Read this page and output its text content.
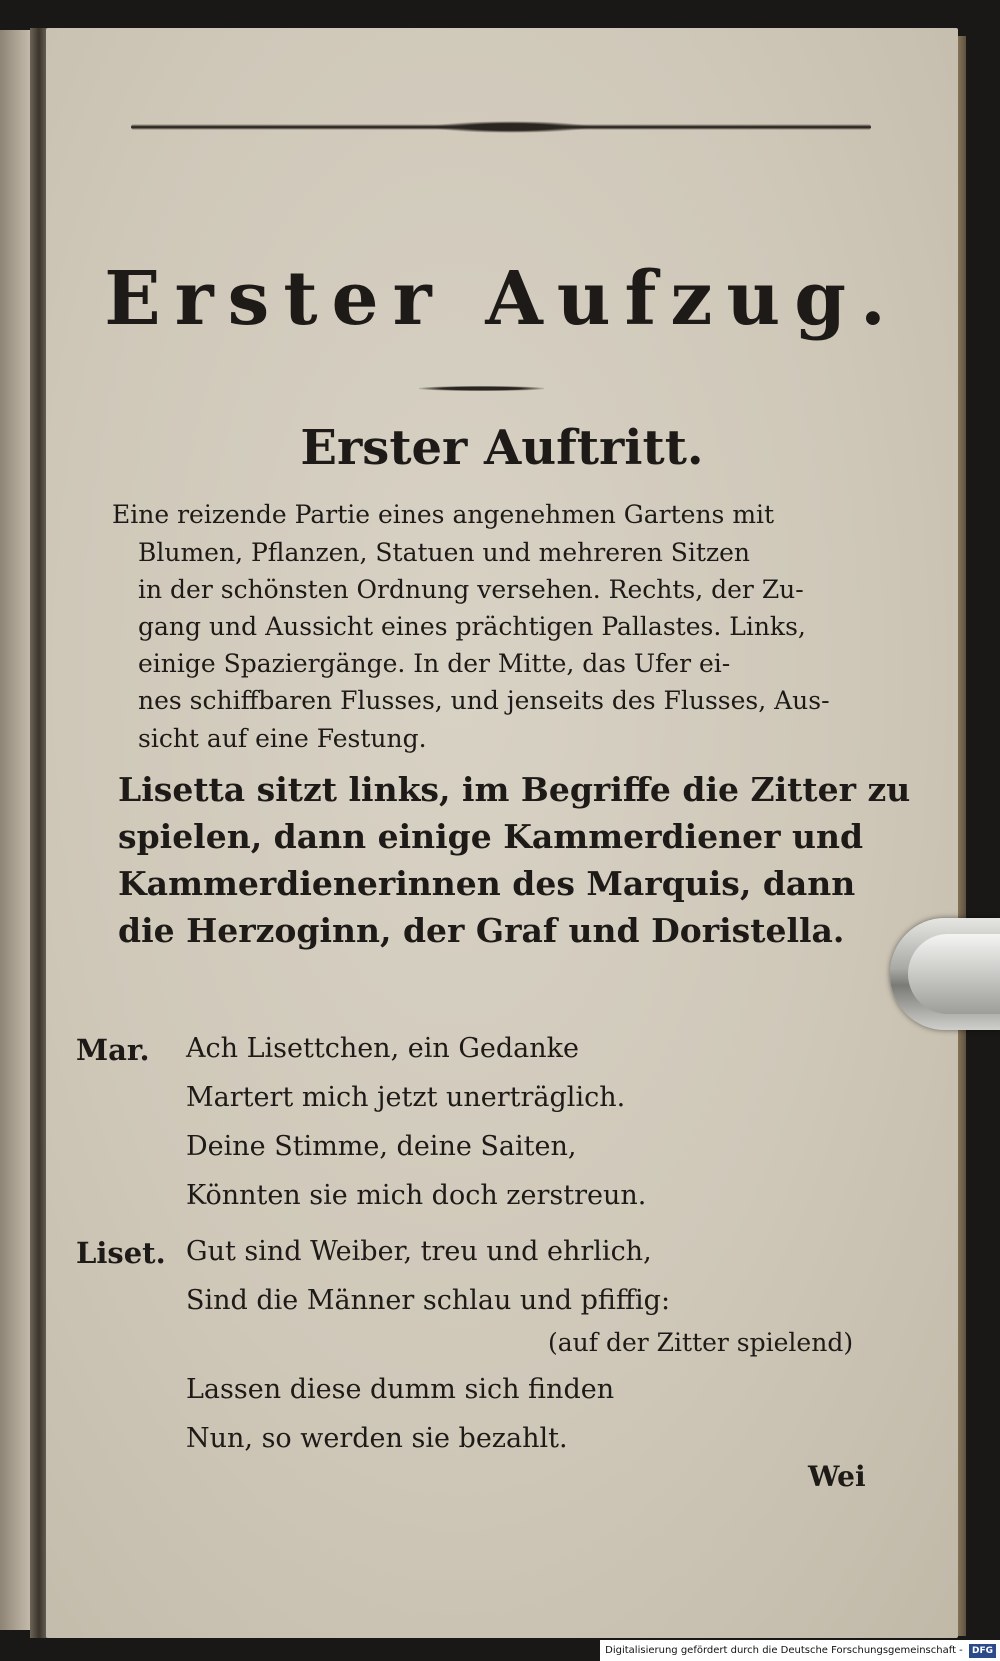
Erster Aufzug.
Erster Auftritt.
Eine reizende Partie eines angenehmen Gartens mit
Blumen, Pflanzen, Statuen und mehreren Sitzen
in der schönsten Ordnung versehen. Rechts, der Zu-
gang und Aussicht eines prächtigen Pallastes. Links,
einige Spaziergänge. In der Mitte, das Ufer ei-
nes schiffbaren Flusses, und jenseits des Flusses, Aus-
sicht auf eine Festung.
Lisetta sitzt links, im Begriffe die Zitter zu
spielen, dann einige Kammerdiener und
Kammerdienerinnen des Marquis, dann
die Herzoginn, der Graf und Doristella.
Mar. Ach Lisettchen, ein Gedanke
Martert mich jetzt unerträglich.
Deine Stimme, deine Saiten,
Könnten sie mich doch zerstreun.
Liset. Gut sind Weiber, treu und ehrlich,
Sind die Männer schlau und pfiffig:
(auf der Zitter spielend)
Lassen diese dumm sich finden
Nun, so werden sie bezahlt.
Wei
Digitalisierung gefördert durch die Deutsche Forschungsgemeinschaft - DFG
